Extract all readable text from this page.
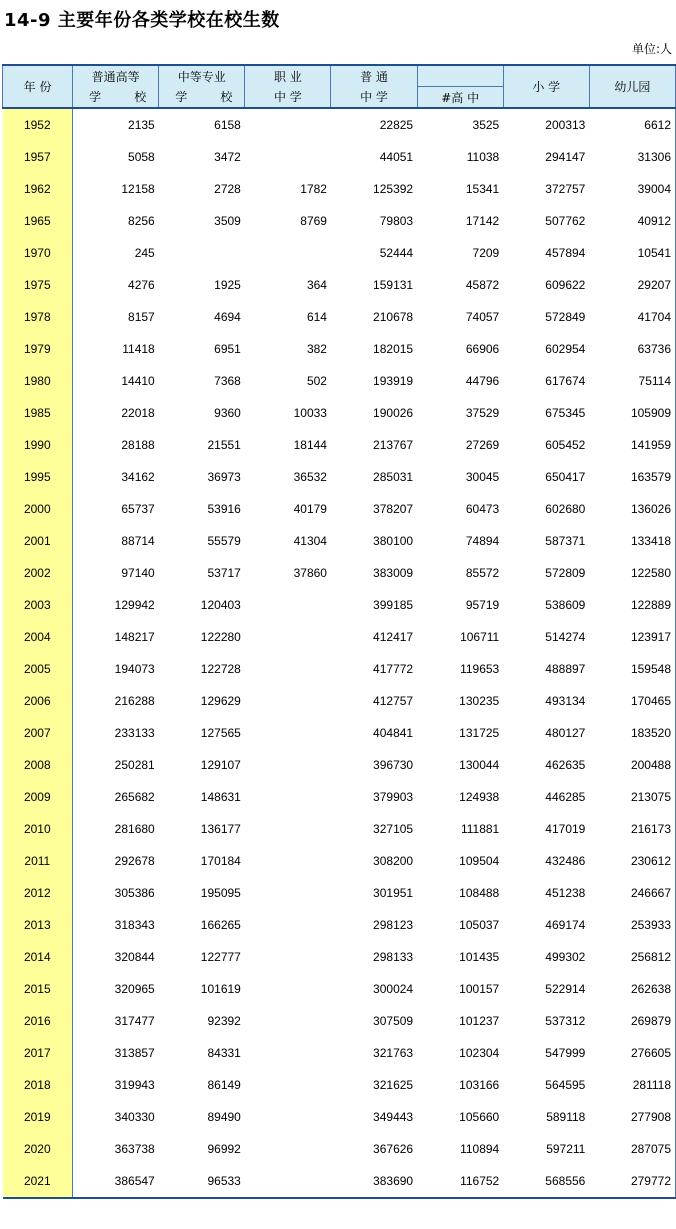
14-9 主要年份各类学校在校生数
单位:人
年 份	普通高等	中等专业	职 业	普 通		小 学	幼儿园

	学 校	学 校	中 学	中 学	#高 中		
1952	2135	6158		22825	3525	200313	6612
1957	5058	3472		44051	11038	294147	31306
1962	12158	2728	1782	125392	15341	372757	39004
1965	8256	3509	8769	79803	17142	507762	40912
1970	245			52444	7209	457894	10541
1975	4276	1925	364	159131	45872	609622	29207
1978	8157	4694	614	210678	74057	572849	41704
1979	11418	6951	382	182015	66906	602954	63736
1980	14410	7368	502	193919	44796	617674	75114
1985	22018	9360	10033	190026	37529	675345	105909
1990	28188	21551	18144	213767	27269	605452	141959
1995	34162	36973	36532	285031	30045	650417	163579
2000	65737	53916	40179	378207	60473	602680	136026
2001	88714	55579	41304	380100	74894	587371	133418
2002	97140	53717	37860	383009	85572	572809	122580
2003	129942	120403		399185	95719	538609	122889
2004	148217	122280		412417	106711	514274	123917
2005	194073	122728		417772	119653	488897	159548
2006	216288	129629		412757	130235	493134	170465
2007	233133	127565		404841	131725	480127	183520
2008	250281	129107		396730	130044	462635	200488
2009	265682	148631		379903	124938	446285	213075
2010	281680	136177		327105	111881	417019	216173
2011	292678	170184		308200	109504	432486	230612
2012	305386	195095		301951	108488	451238	246667
2013	318343	166265		298123	105037	469174	253933
2014	320844	122777		298133	101435	499302	256812
2015	320965	101619		300024	100157	522914	262638
2016	317477	92392		307509	101237	537312	269879
2017	313857	84331		321763	102304	547999	276605
2018	319943	86149		321625	103166	564595	281118
2019	340330	89490		349443	105660	589118	277908
2020	363738	96992		367626	110894	597211	287075
2021	386547	96533		383690	116752	568556	279772
